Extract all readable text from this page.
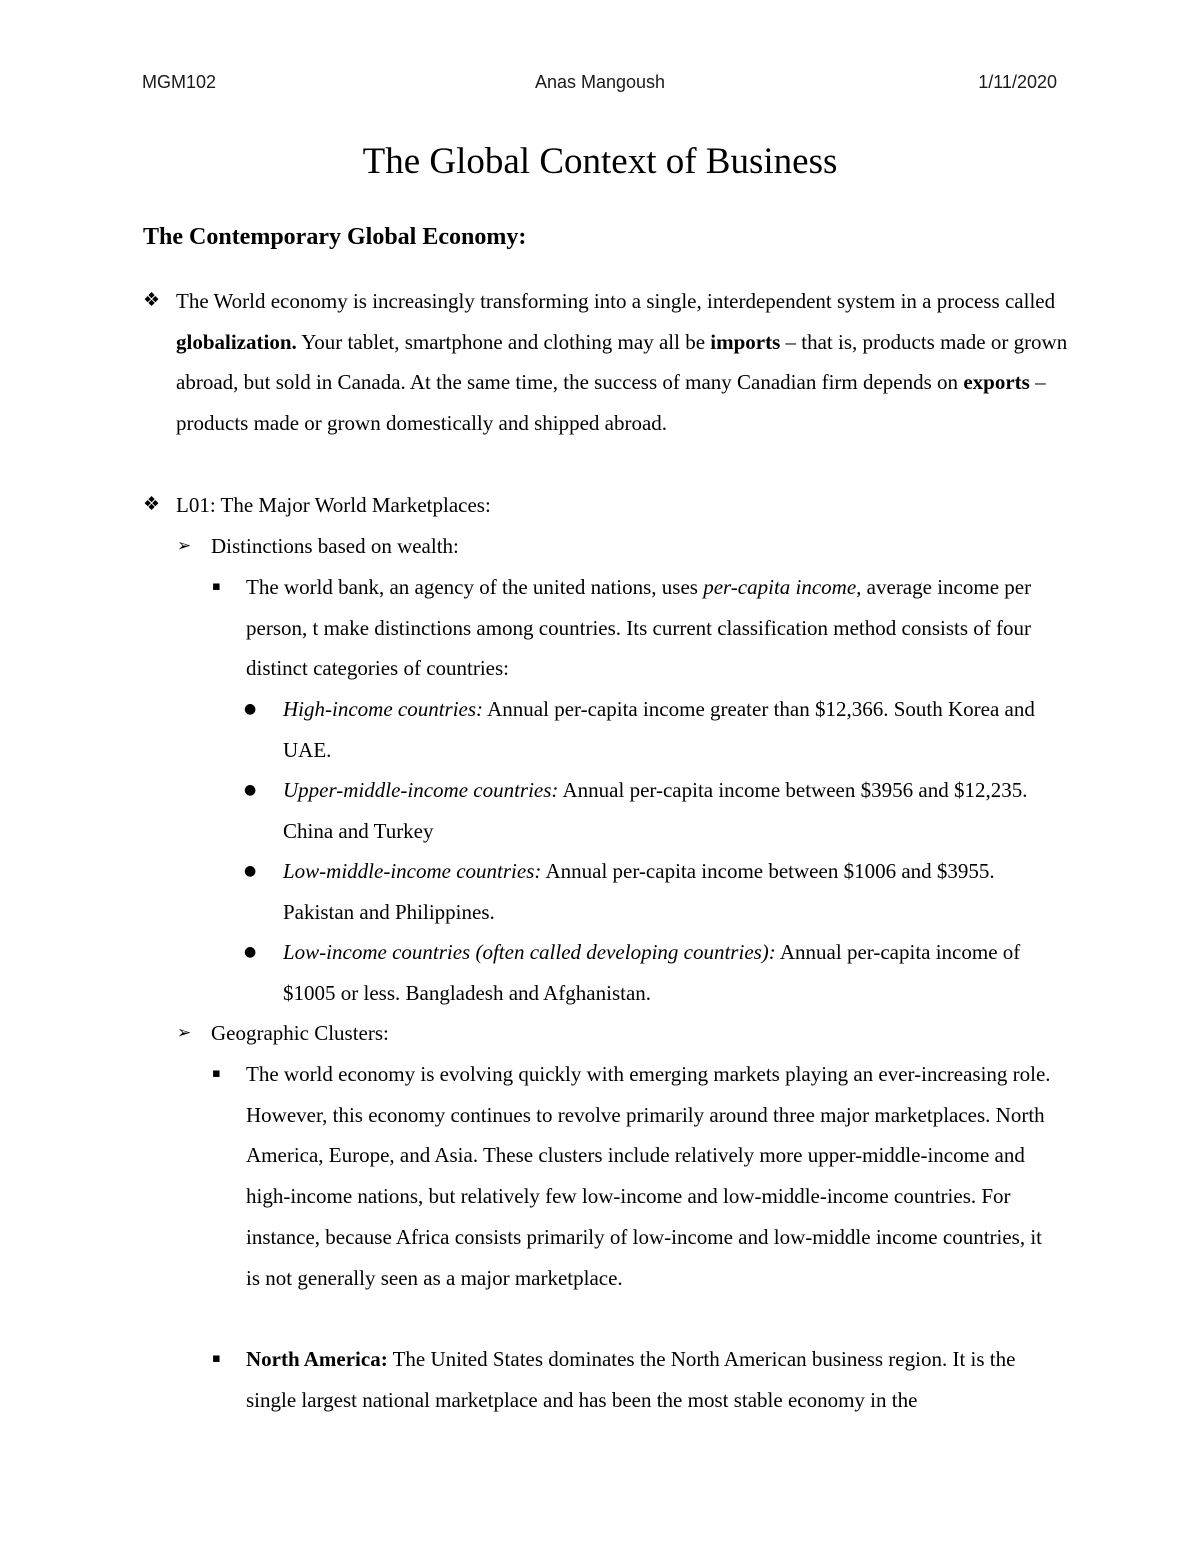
MGM102	Anas Mangoush	1/11/2020
The Global Context of Business
The Contemporary Global Economy:
❖ The World economy is increasingly transforming into a single, interdependent system in a process called globalization. Your tablet, smartphone and clothing may all be imports – that is, products made or grown abroad, but sold in Canada. At the same time, the success of many Canadian firm depends on exports – products made or grown domestically and shipped abroad.

❖ L01: The Major World Marketplaces:

➢ Distinctions based on wealth:

▪ The world bank, an agency of the united nations, uses per-capita income, average income per person, t make distinctions among countries. Its current classification method consists of four distinct categories of countries:

● High-income countries: Annual per-capita income greater than $12,366. South Korea and UAE.

● Upper-middle-income countries: Annual per-capita income between $3956 and $12,235. China and Turkey

● Low-middle-income countries: Annual per-capita income between $1006 and $3955. Pakistan and Philippines.

● Low-income countries (often called developing countries): Annual per-capita income of $1005 or less. Bangladesh and Afghanistan.

➢ Geographic Clusters:

▪ The world economy is evolving quickly with emerging markets playing an ever-increasing role. However, this economy continues to revolve primarily around three major marketplaces. North America, Europe, and Asia. These clusters include relatively more upper-middle-income and high-income nations, but relatively few low-income and low-middle-income countries. For instance, because Africa consists primarily of low-income and low-middle income countries, it is not generally seen as a major marketplace.

▪ North America: The United States dominates the North American business region. It is the single largest national marketplace and has been the most stable economy in the
